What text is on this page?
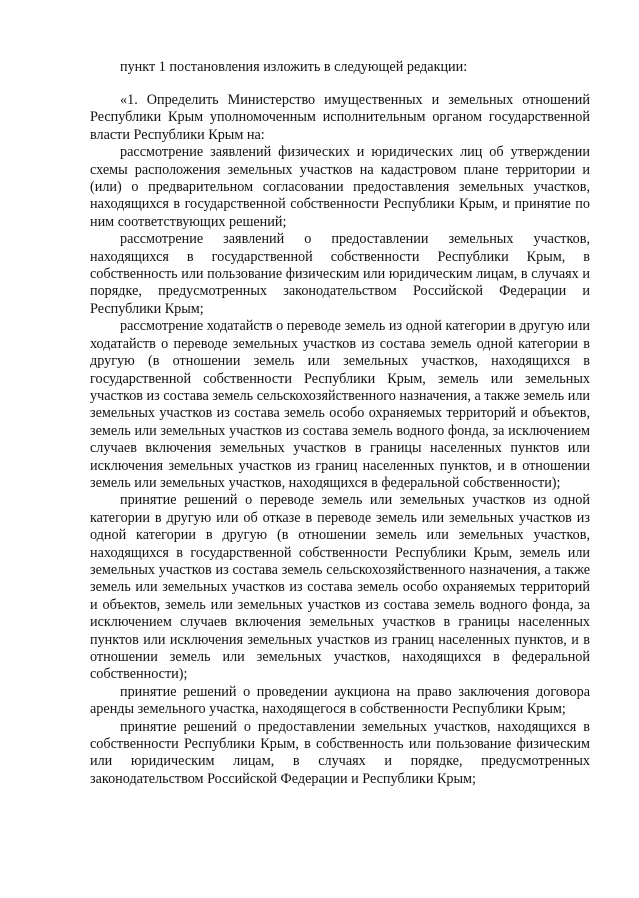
пункт 1 постановления изложить в следующей редакции:

«1. Определить Министерство имущественных и земельных отношений Республики Крым уполномоченным исполнительным органом государственной власти Республики Крым на:

рассмотрение заявлений физических и юридических лиц об утверждении схемы расположения земельных участков на кадастровом плане территории и (или) о предварительном согласовании предоставления земельных участков, находящихся в государственной собственности Республики Крым, и принятие по ним соответствующих решений;

рассмотрение заявлений о предоставлении земельных участков, находящихся в государственной собственности Республики Крым, в собственность или пользование физическим или юридическим лицам, в случаях и порядке, предусмотренных законодательством Российской Федерации и Республики Крым;

рассмотрение ходатайств о переводе земель из одной категории в другую или ходатайств о переводе земельных участков из состава земель одной категории в другую (в отношении земель или земельных участков, находящихся в государственной собственности Республики Крым, земель или земельных участков из состава земель сельскохозяйственного назначения, а также земель или земельных участков из состава земель особо охраняемых территорий и объектов, земель или земельных участков из состава земель водного фонда, за исключением случаев включения земельных участков в границы населенных пунктов или исключения земельных участков из границ населенных пунктов, и в отношении земель или земельных участков, находящихся в федеральной собственности);

принятие решений о переводе земель или земельных участков из одной категории в другую или об отказе в переводе земель или земельных участков из одной категории в другую (в отношении земель или земельных участков, находящихся в государственной собственности Республики Крым, земель или земельных участков из состава земель сельскохозяйственного назначения, а также земель или земельных участков из состава земель особо охраняемых территорий и объектов, земель или земельных участков из состава земель водного фонда, за исключением случаев включения земельных участков в границы населенных пунктов или исключения земельных участков из границ населенных пунктов, и в отношении земель или земельных участков, находящихся в федеральной собственности);

принятие решений о проведении аукциона на право заключения договора аренды земельного участка, находящегося в собственности Республики Крым;

принятие решений о предоставлении земельных участков, находящихся в собственности Республики Крым, в собственность или пользование физическим или юридическим лицам, в случаях и порядке, предусмотренных законодательством Российской Федерации и Республики Крым;
